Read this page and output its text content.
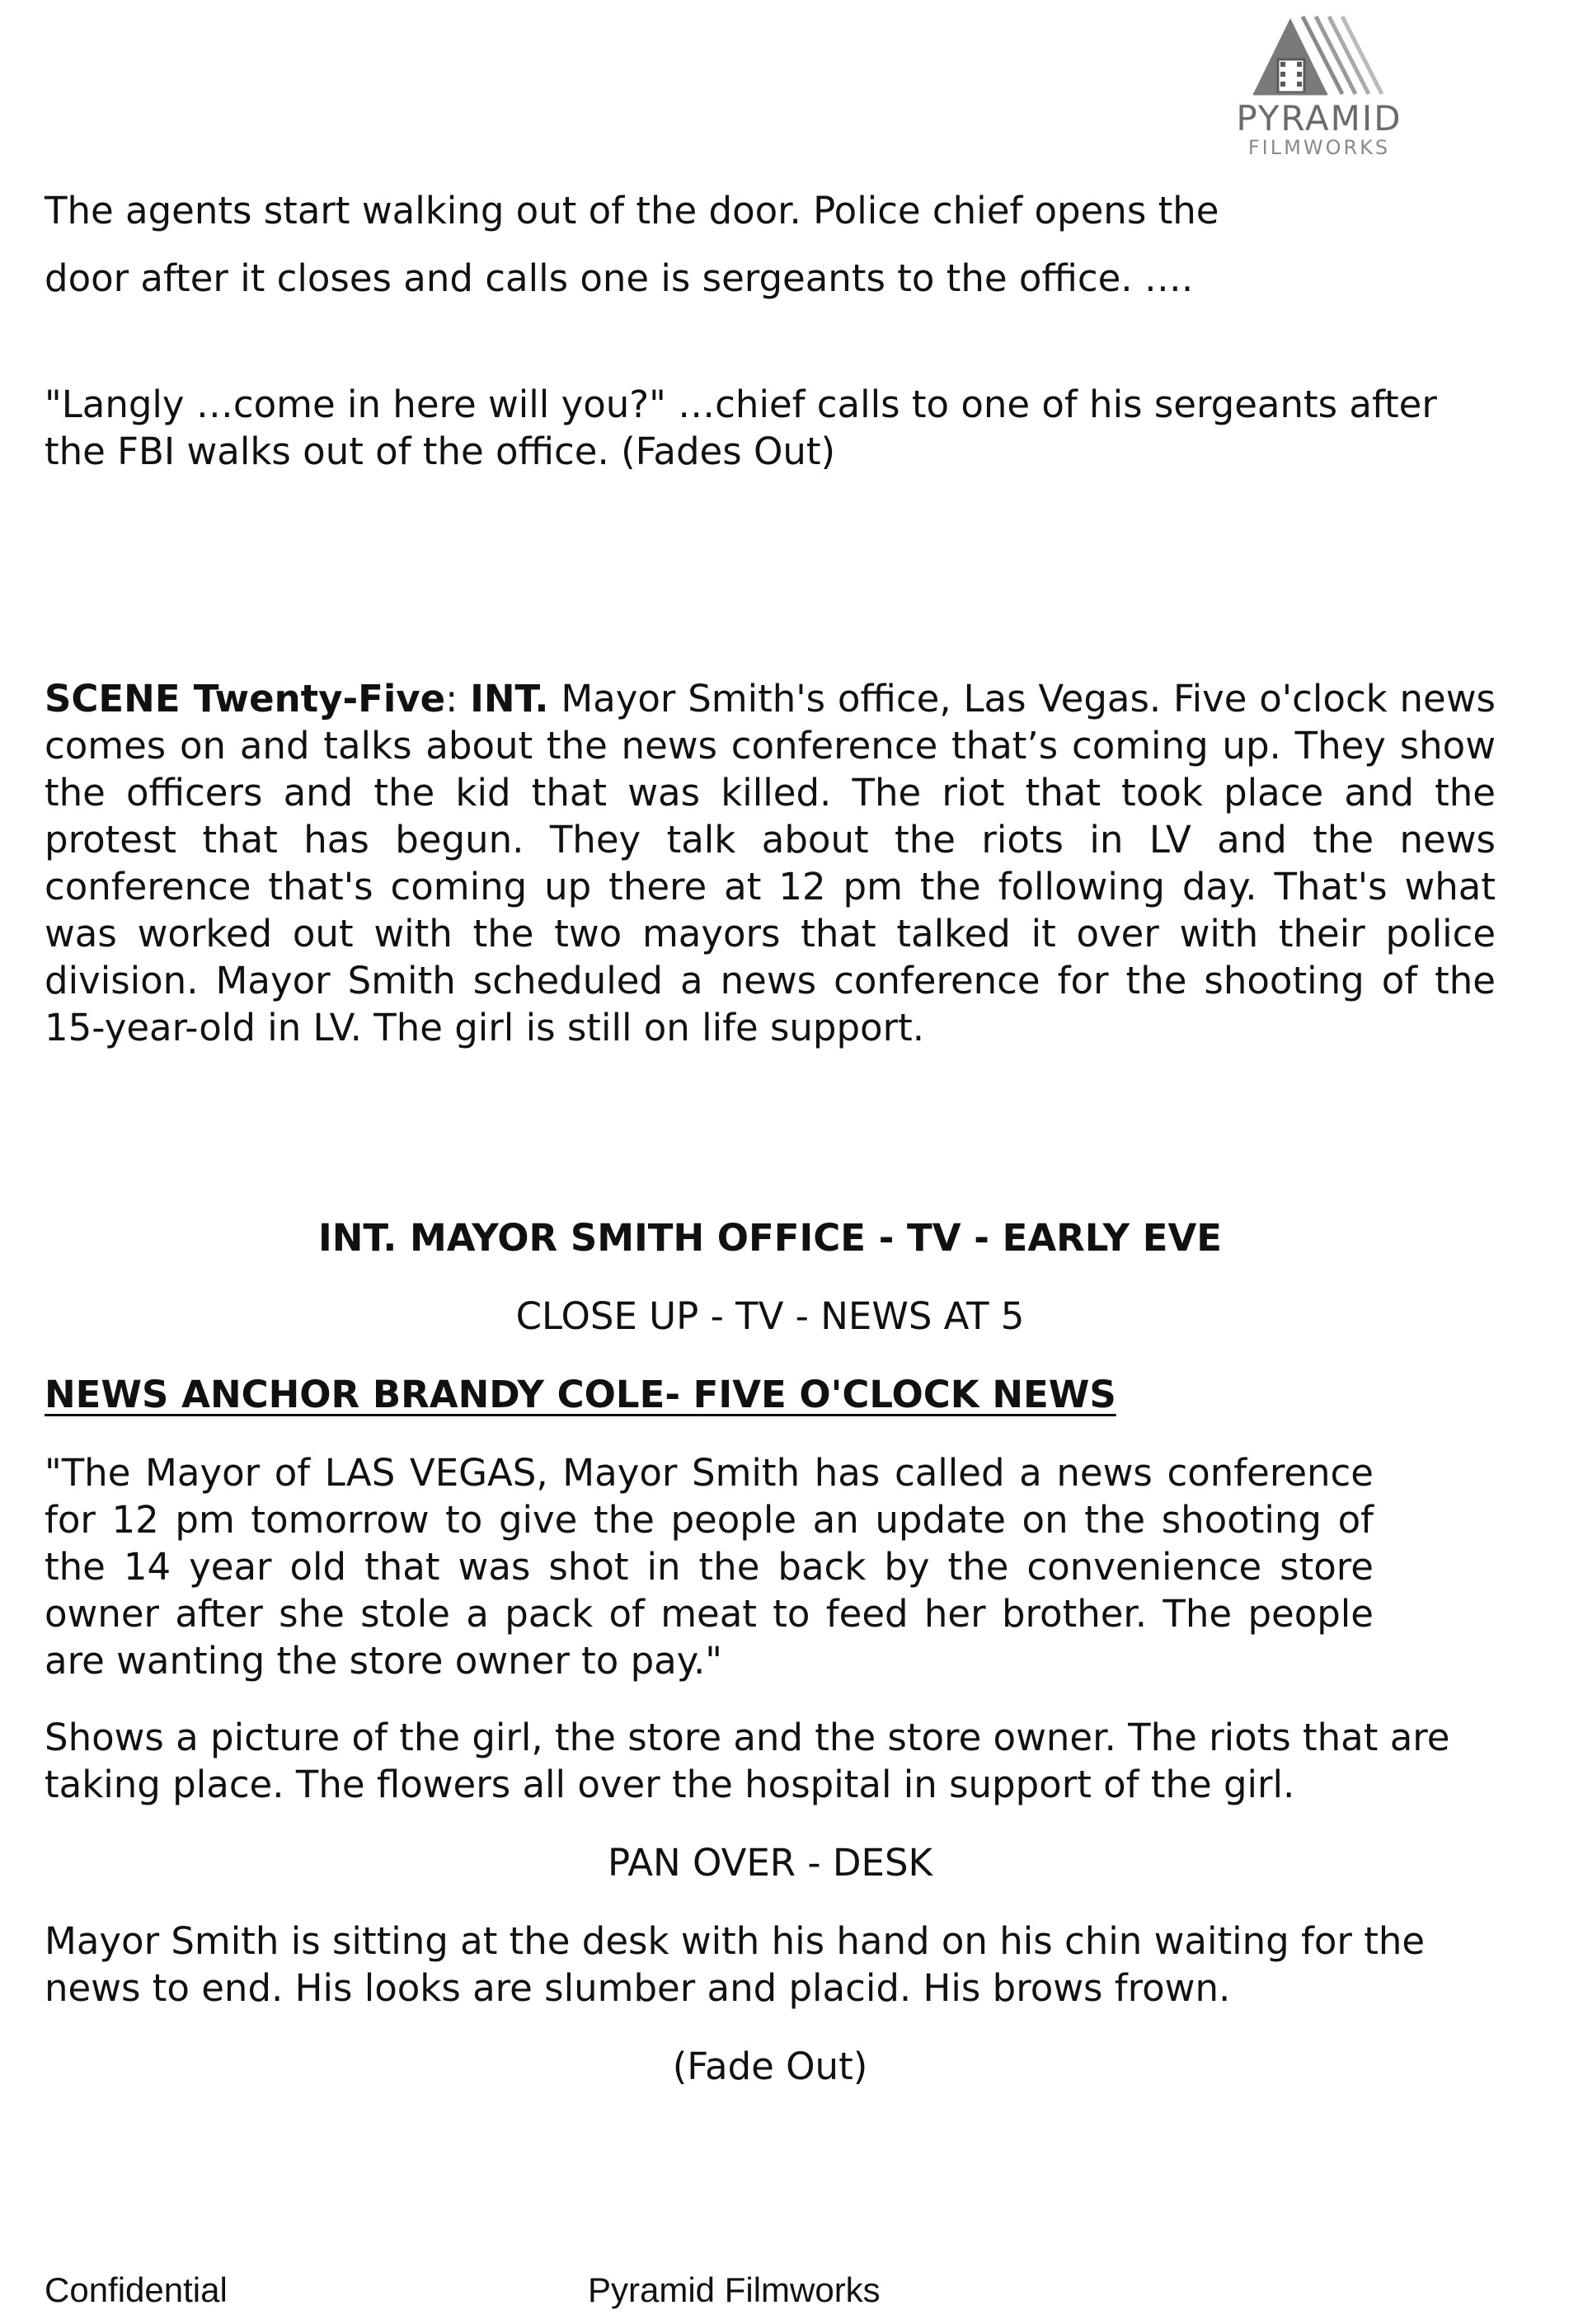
PYRAMID
FILMWORKS

The agents start walking out of the door. Police chief opens the
door after it closes and calls one is sergeants to the office. ….

"Langly …come in here will you?" …chief calls to one of his sergeants after the FBI walks out of the office. (Fades Out)

SCENE Twenty-Five: INT. Mayor Smith's office, Las Vegas. Five o'clock news comes on and talks about the news conference that’s coming up. They show the officers and the kid that was killed. The riot that took place and the protest that has begun. They talk about the riots in LV and the news conference that's coming up there at 12 pm the following day. That's what was worked out with the two mayors that talked it over with their police division. Mayor Smith scheduled a news conference for the shooting of the 15-year-old in LV. The girl is still on life support.

INT. MAYOR SMITH OFFICE - TV - EARLY EVE

CLOSE UP - TV - NEWS AT 5

NEWS ANCHOR BRANDY COLE- FIVE O'CLOCK NEWS

"The Mayor of LAS VEGAS, Mayor Smith has called a news conference for 12 pm tomorrow to give the people an update on the shooting of the 14 year old that was shot in the back by the convenience store owner after she stole a pack of meat to feed her brother. The people are wanting the store owner to pay."

Shows a picture of the girl, the store and the store owner. The riots that are taking place. The flowers all over the hospital in support of the girl.

PAN OVER - DESK

Mayor Smith is sitting at the desk with his hand on his chin waiting for the news to end. His looks are slumber and placid. His brows frown.

(Fade Out)

Confidential	Pyramid Filmworks
